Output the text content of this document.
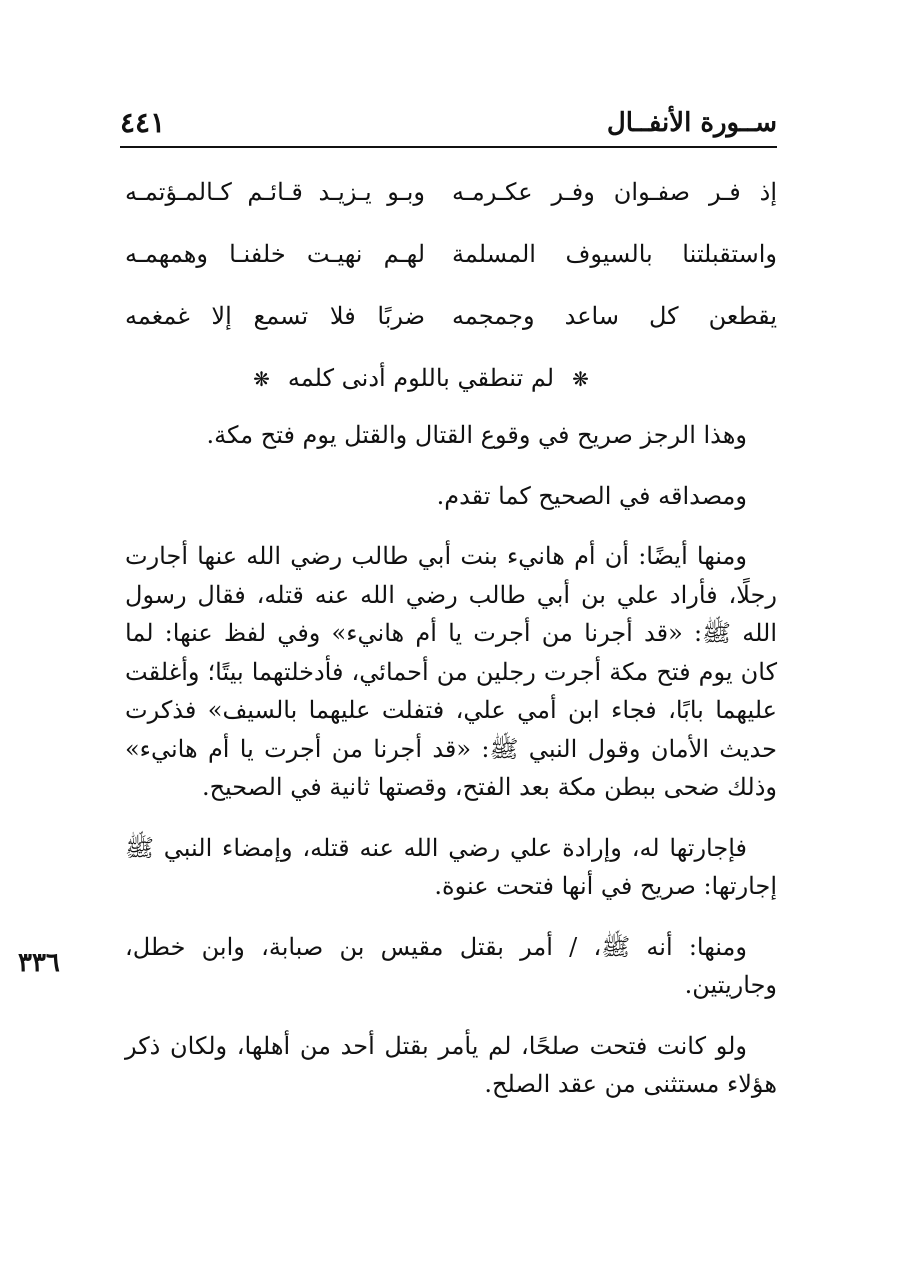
ســورة الأنفــال
٤٤١
إذ فـر صفـوان وفـر عكـرمـه
وبـو يـزيـد قـائـم كـالمـؤتمـه
واستقبلتنا بالسيوف المسلمة
لهـم نهيـت خلفنـا وهمهمـه
يقطعن كل ساعد وجمجمه
ضربًا فلا تسمع إلا غمغمه
❋لم تنطقي باللوم أدنى كلمه❋

وهذا الرجز صريح في وقوع القتال والقتل يوم فتح مكة.

ومصداقه في الصحيح كما تقدم.

ومنها أيضًا: أن أم هانيء بنت أبي طالب رضي الله عنها أجارت رجلًا، فأراد علي بن أبي طالب رضي الله عنه قتله، فقال رسول الله ﷺ: «قد أجرنا من أجرت يا أم هانيء» وفي لفظ عنها: لما كان يوم فتح مكة أجرت رجلين من أحمائي، فأدخلتهما بيتًا؛ وأغلقت عليهما بابًا، فجاء ابن أمي علي، فتفلت عليهما بالسيف» فذكرت حديث الأمان وقول النبي ﷺ: «قد أجرنا من أجرت يا أم هانيء» وذلك ضحى ببطن مكة بعد الفتح، وقصتها ثانية في الصحيح.

فإجارتها له، وإرادة علي رضي الله عنه قتله، وإمضاء النبي ﷺ إجارتها: صريح في أنها فتحت عنوة.

ومنها: أنه ﷺ، / أمر بقتل مقيس بن صبابة، وابن خطل، وجاريتين.

ولو كانت فتحت صلحًا، لم يأمر بقتل أحد من أهلها، ولكان ذكر هؤلاء مستثنى من عقد الصلح.

٣٣٦
